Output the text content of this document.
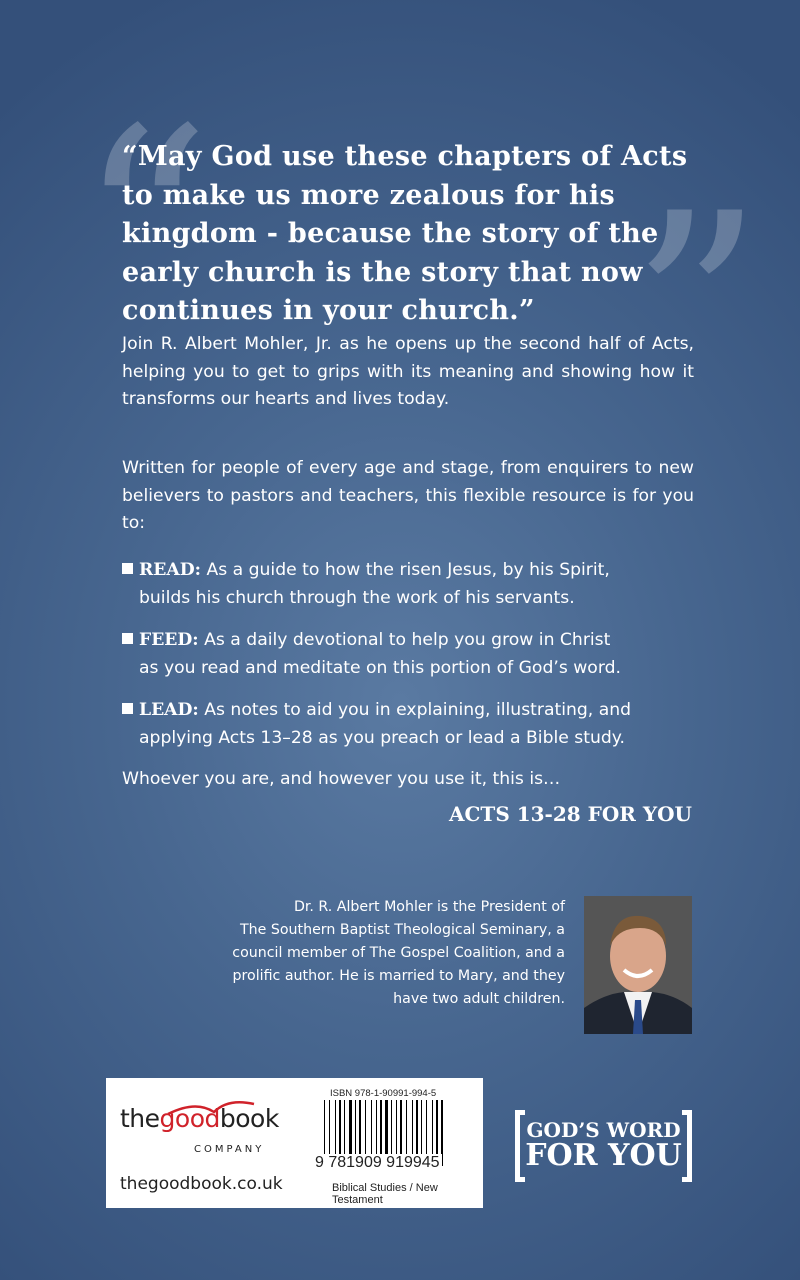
“ ”
“May God use these chapters of Acts
to make us more zealous for his
kingdom - because the story of the
early church is the story that now
continues in your church.”

Join R. Albert Mohler, Jr. as he opens up the second half of Acts, helping you to get to grips with its meaning and showing how it transforms our hearts and lives today.

Written for people of every age and stage, from enquirers to new believers to pastors and teachers, this flexible resource is for you to:

READ: As a guide to how the risen Jesus, by his Spirit,
builds his church through the work of his servants.
FEED: As a daily devotional to help you grow in Christ
as you read and meditate on this portion of God’s word.
LEAD: As notes to aid you in explaining, illustrating, and
applying Acts 13–28 as you preach or lead a Bible study.

Whoever you are, and however you use it, this is…

ACTS 13-28 FOR YOU
Dr. R. Albert Mohler is the President of
The Southern Baptist Theological Seminary, a
council member of The Gospel Coalition, and a
prolific author. He is married to Mary, and they
have two adult children.
thegoodbook
COMPANY
thegoodbook.co.uk
ISBN 978-1-90991-994-5
9 781909 919945
Biblical Studies / New Testament
GOD’S WORD
FOR YOU
